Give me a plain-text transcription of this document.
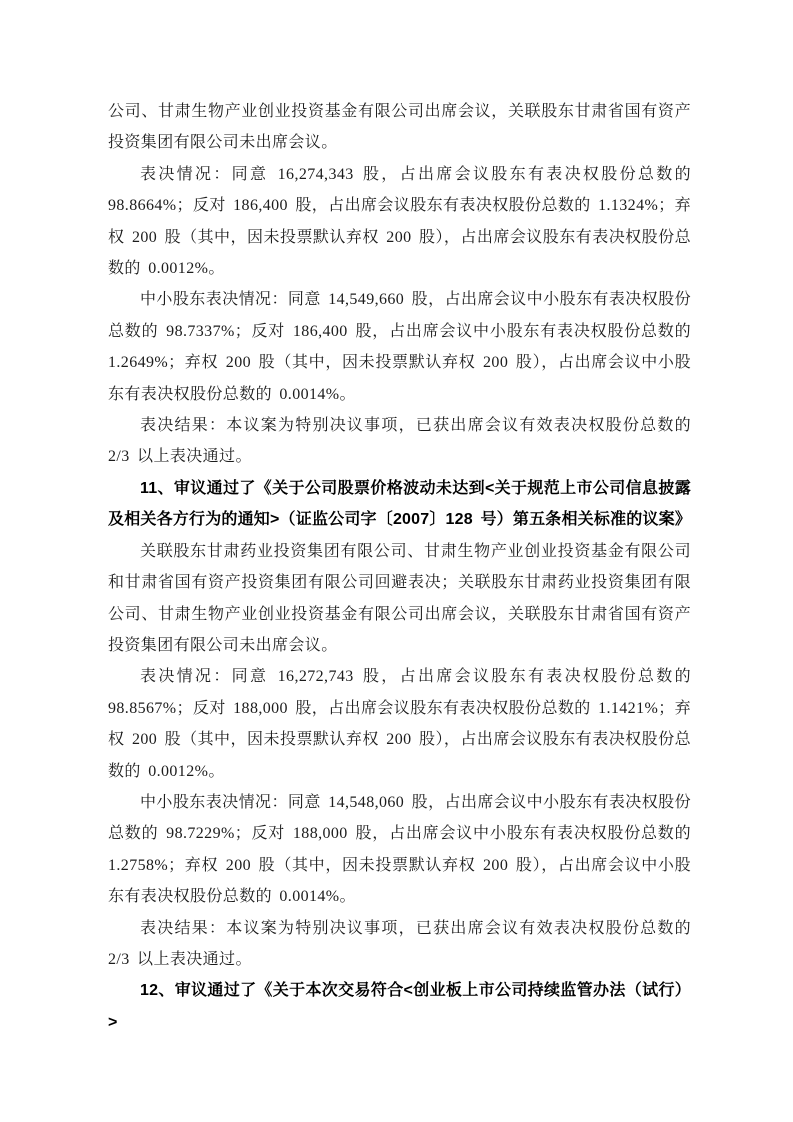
公司、甘肃生物产业创业投资基金有限公司出席会议，关联股东甘肃省国有资产投资集团有限公司未出席会议。

表决情况：同意 16,274,343 股，占出席会议股东有表决权股份总数的 98.8664%；反对 186,400 股，占出席会议股东有表决权股份总数的 1.1324%；弃权 200 股（其中，因未投票默认弃权 200 股），占出席会议股东有表决权股份总数的 0.0012%。

中小股东表决情况：同意 14,549,660 股，占出席会议中小股东有表决权股份总数的 98.7337%；反对 186,400 股，占出席会议中小股东有表决权股份总数的 1.2649%；弃权 200 股（其中，因未投票默认弃权 200 股），占出席会议中小股东有表决权股份总数的 0.0014%。

表决结果：本议案为特别决议事项，已获出席会议有效表决权股份总数的 2/3 以上表决通过。

11、审议通过了《关于公司股票价格波动未达到<关于规范上市公司信息披露及相关各方行为的通知>（证监公司字〔2007〕128 号）第五条相关标准的议案》

关联股东甘肃药业投资集团有限公司、甘肃生物产业创业投资基金有限公司和甘肃省国有资产投资集团有限公司回避表决；关联股东甘肃药业投资集团有限公司、甘肃生物产业创业投资基金有限公司出席会议，关联股东甘肃省国有资产投资集团有限公司未出席会议。

表决情况：同意 16,272,743 股，占出席会议股东有表决权股份总数的 98.8567%；反对 188,000 股，占出席会议股东有表决权股份总数的 1.1421%；弃权 200 股（其中，因未投票默认弃权 200 股），占出席会议股东有表决权股份总数的 0.0012%。

中小股东表决情况：同意 14,548,060 股，占出席会议中小股东有表决权股份总数的 98.7229%；反对 188,000 股，占出席会议中小股东有表决权股份总数的 1.2758%；弃权 200 股（其中，因未投票默认弃权 200 股），占出席会议中小股东有表决权股份总数的 0.0014%。

表决结果：本议案为特别决议事项，已获出席会议有效表决权股份总数的 2/3 以上表决通过。

12、审议通过了《关于本次交易符合<创业板上市公司持续监管办法（试行）>
